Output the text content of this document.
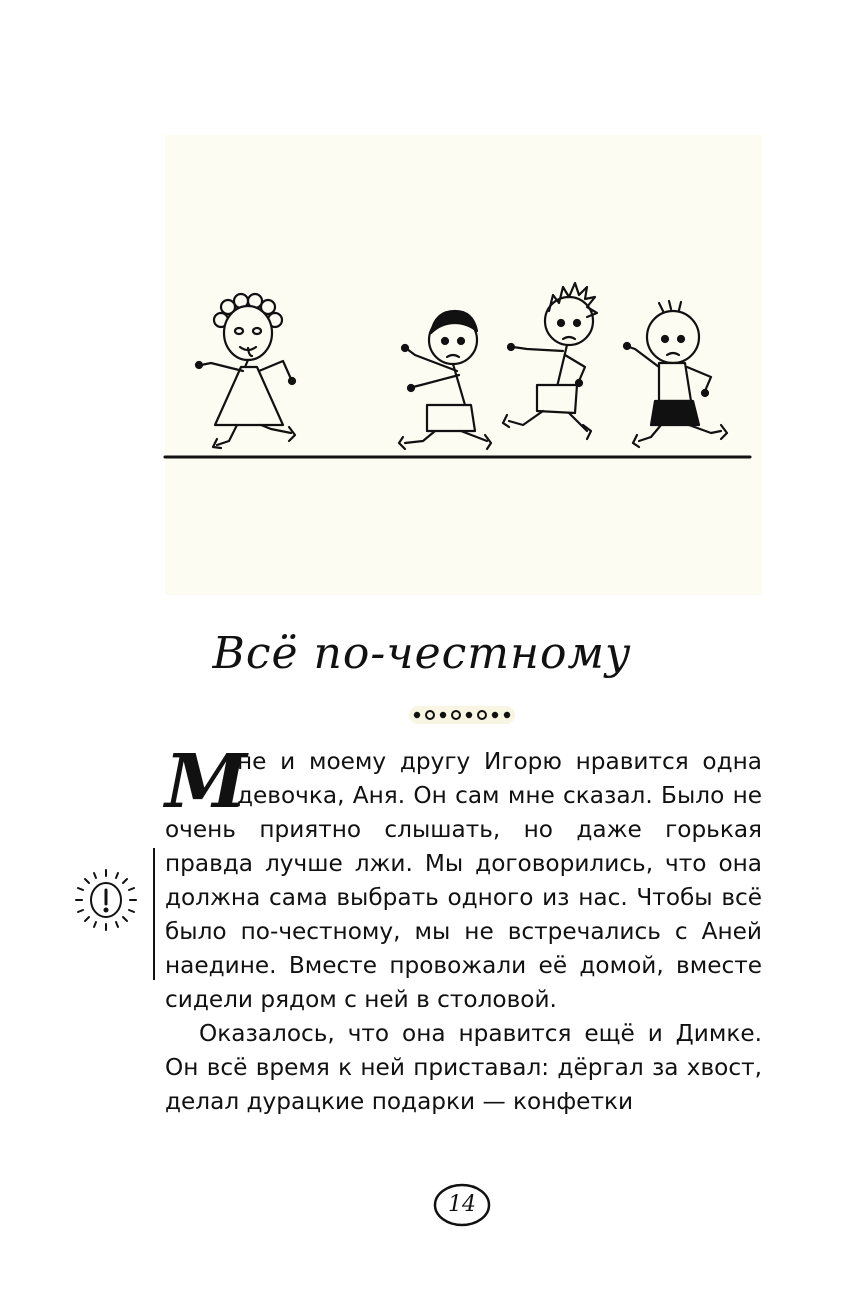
Всё по-честному
М

не и моему другу Игорю нравится одна девочка, Аня. Он сам мне сказал. Было не очень приятно слышать, но даже горькая правда лучше лжи. Мы договорились, что она должна сама выбрать одного из нас. Чтобы всё было по-честному, мы не встречались с Аней наедине. Вместе провожали её домой, вместе сидели рядом с ней в столовой.

Оказалось, что она нравится ещё и Димке. Он всё время к ней приставал: дёргал за хвост, делал дурацкие подарки — конфетки

14
